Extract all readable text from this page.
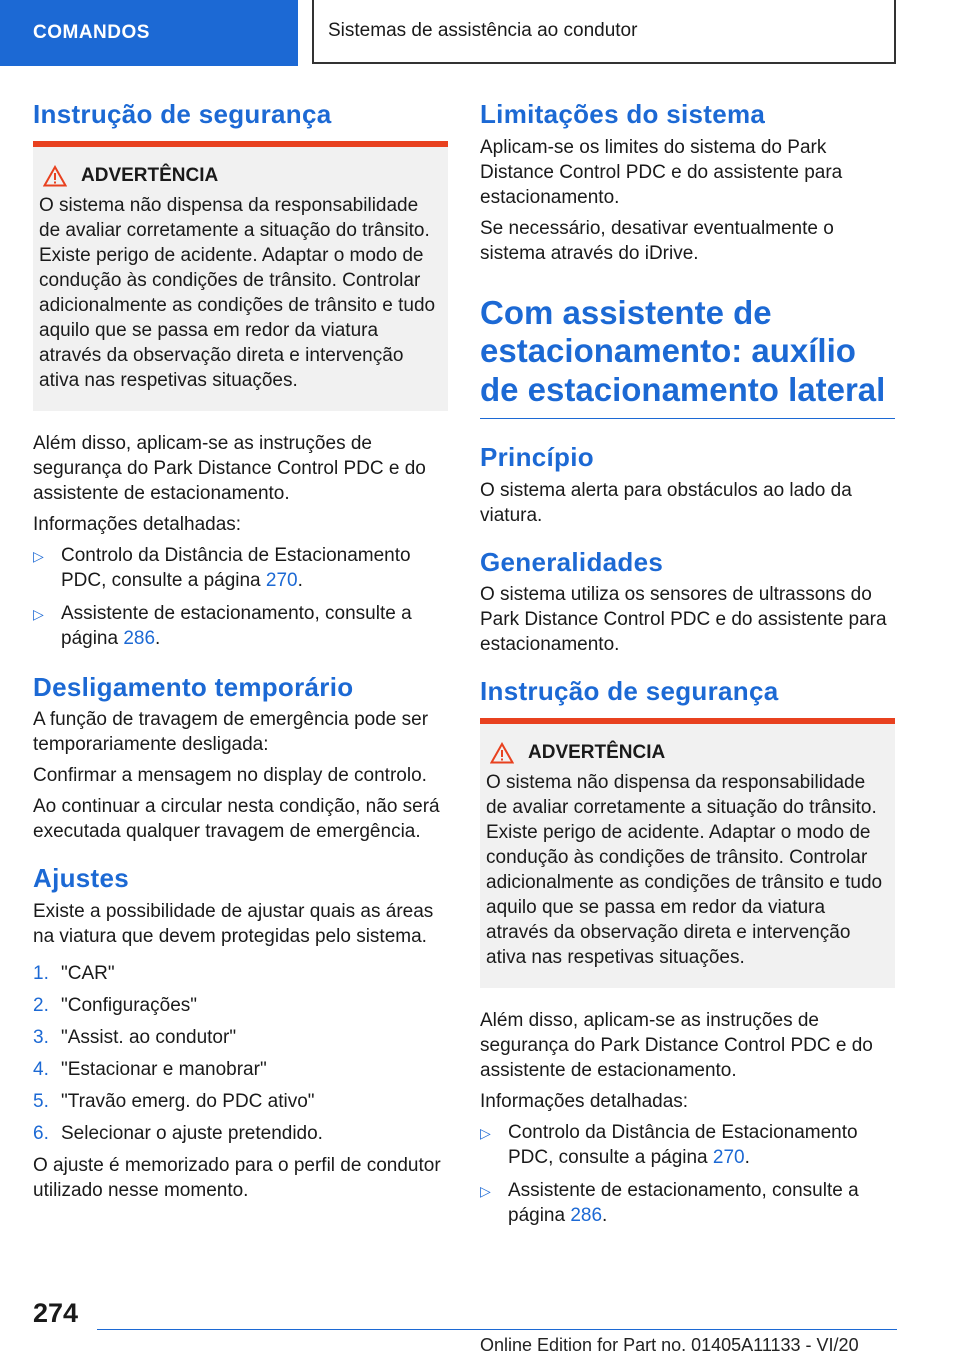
COMANDOS	Sistemas de assistência ao condutor
Instrução de segurança
ADVERTÊNCIA

O sistema não dispensa da responsabilidade de avaliar corretamente a situação do trânsito. Existe perigo de acidente. Adaptar o modo de condução às condições de trânsito. Controlar adicionalmente as condições de trânsito e tudo aquilo que se passa em redor da viatura através da observação direta e intervenção ativa nas respetivas situações.

Além disso, aplicam-se as instruções de segurança do Park Distance Control PDC e do assistente de estacionamento.

Informações detalhadas:

▷ Controlo da Distância de Estacionamento PDC, consulte a página 270.
▷ Assistente de estacionamento, consulte a página 286.
Desligamento temporário

A função de travagem de emergência pode ser temporariamente desligada:

Confirmar a mensagem no display de controlo.

Ao continuar a circular nesta condição, não será executada qualquer travagem de emergência.

Ajustes

Existe a possibilidade de ajustar quais as áreas na viatura que devem protegidas pelo sistema.

1. "CAR"
2. "Configurações"
3. "Assist. ao condutor"
4. "Estacionar e manobrar"
5. "Travão emerg. do PDC ativo"
6. Selecionar o ajuste pretendido.

O ajuste é memorizado para o perfil de condutor utilizado nesse momento.

Limitações do sistema

Aplicam-se os limites do sistema do Park Distance Control PDC e do assistente para estacionamento.

Se necessário, desativar eventualmente o sistema através do iDrive.

Com assistente de estacionamento: auxílio de estacionamento lateral
Princípio

O sistema alerta para obstáculos ao lado da viatura.

Generalidades

O sistema utiliza os sensores de ultrassons do Park Distance Control PDC e do assistente para estacionamento.

Instrução de segurança
ADVERTÊNCIA

O sistema não dispensa da responsabilidade de avaliar corretamente a situação do trânsito. Existe perigo de acidente. Adaptar o modo de condução às condições de trânsito. Controlar adicionalmente as condições de trânsito e tudo aquilo que se passa em redor da viatura através da observação direta e intervenção ativa nas respetivas situações.

Além disso, aplicam-se as instruções de segurança do Park Distance Control PDC e do assistente de estacionamento.

Informações detalhadas:

▷ Controlo da Distância de Estacionamento PDC, consulte a página 270.
▷ Assistente de estacionamento, consulte a página 286.
274
Online Edition for Part no. 01405A11133 - VI/20
